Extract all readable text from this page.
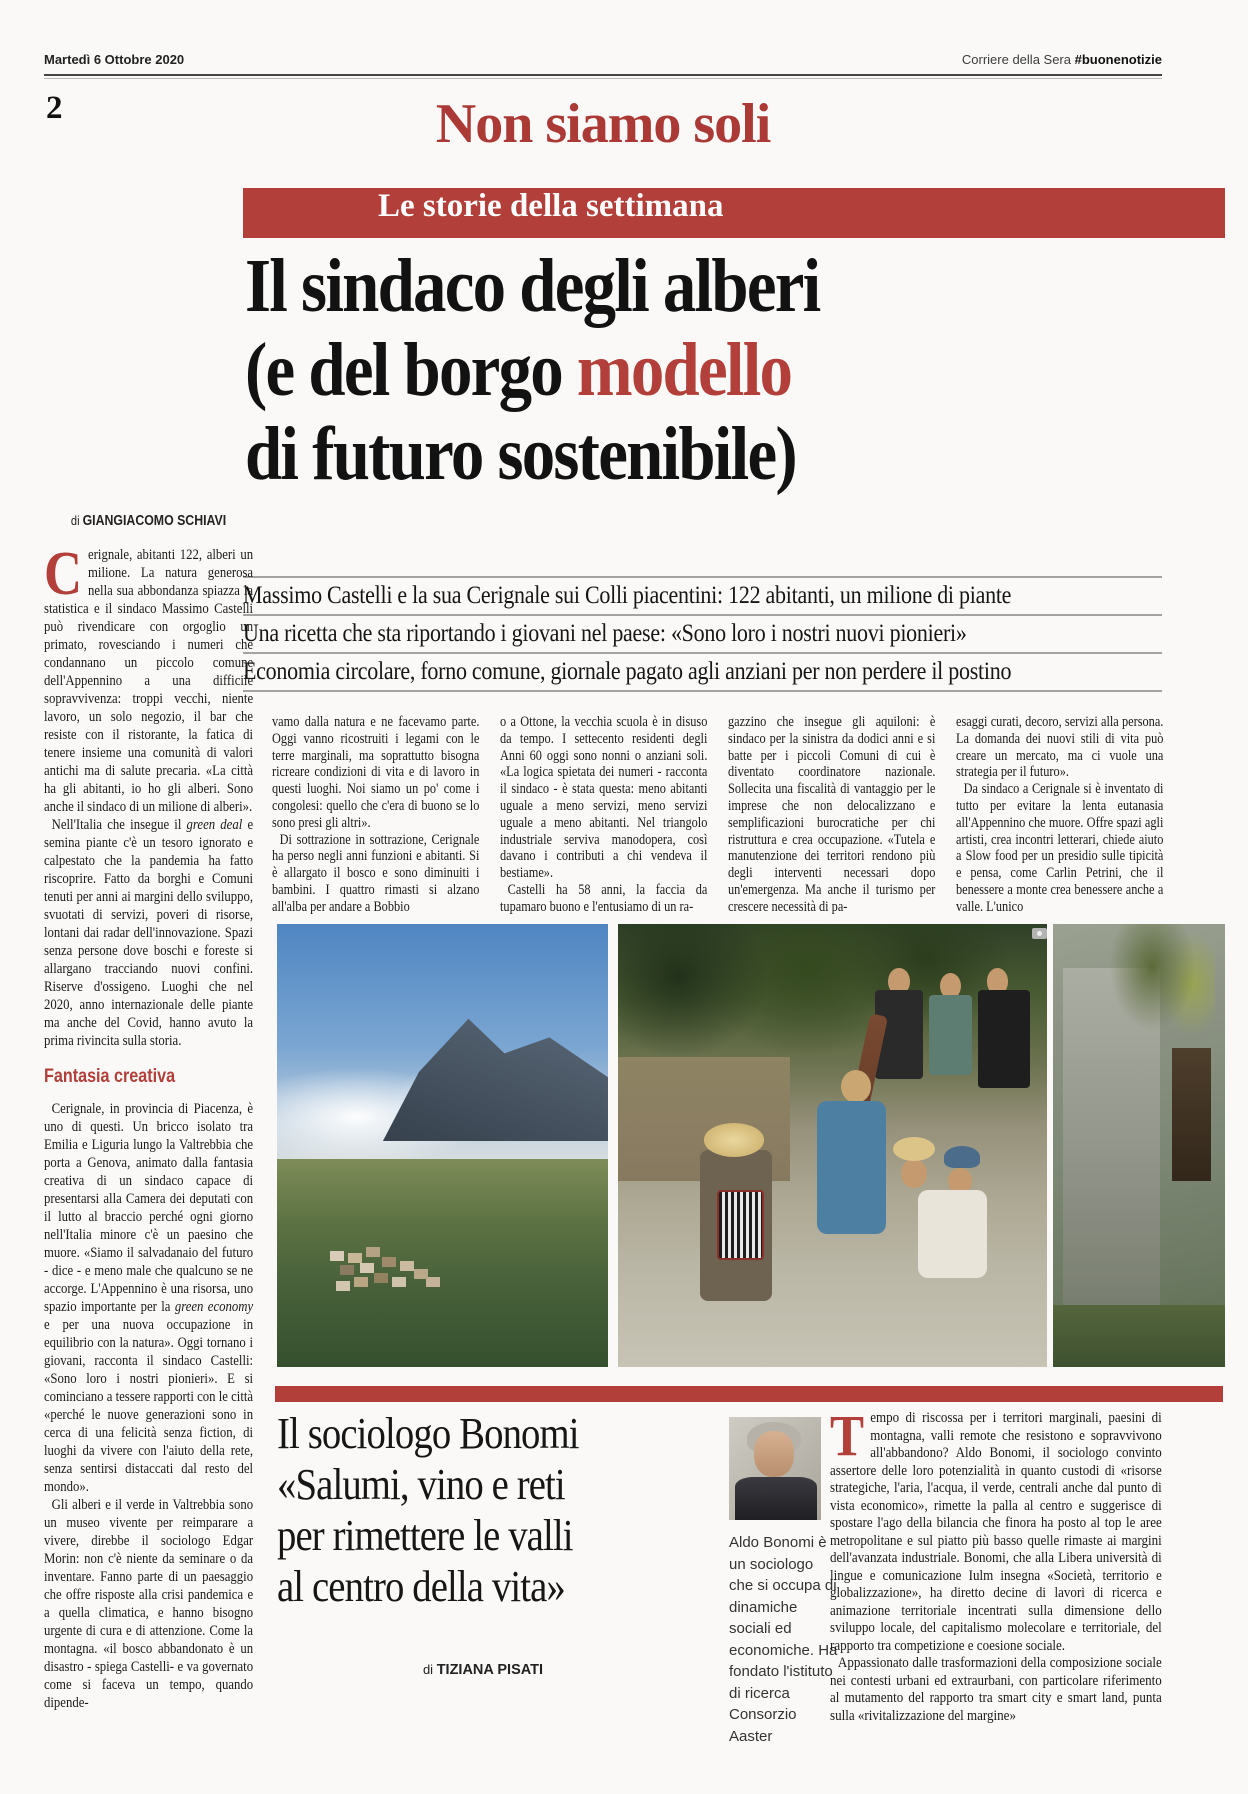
Martedì 6 Ottobre 2020	Corriere della Sera #buonenotizie
2	Non siamo soli
Le storie della settimana
Il sindaco degli alberi
(e del borgo modello
di futuro sostenibile)
Massimo Castelli e la sua Cerignale sui Colli piacentini: 122 abitanti, un milione di piante
Una ricetta che sta riportando i giovani nel paese: «Sono loro i nostri nuovi pionieri»
Economia circolare, forno comune, giornale pagato agli anziani per non perdere il postino
di GIANGIACOMO SCHIAVI

Cerignale, abitanti 122, alberi un milione. La natura generosa nella sua abbondanza spiazza la statistica e il sindaco Massimo Castelli può rivendicare con orgoglio un primato, rovesciando i numeri che condannano un piccolo comune dell'Appennino a una difficile sopravvivenza: troppi vecchi, niente lavoro, un solo negozio, il bar che resiste con il ristorante, la fatica di tenere insieme una comunità di valori antichi ma di salute precaria. «La città ha gli abitanti, io ho gli alberi. Sono anche il sindaco di un milione di alberi».

Nell'Italia che insegue il green deal e semina piante c'è un tesoro ignorato e calpestato che la pandemia ha fatto riscoprire. Fatto da borghi e Comuni tenuti per anni ai margini dello sviluppo, svuotati di servizi, poveri di risorse, lontani dai radar dell'innovazione. Spazi senza persone dove boschi e foreste si allargano tracciando nuovi confini. Riserve d'ossigeno. Luoghi che nel 2020, anno internazionale delle piante ma anche del Covid, hanno avuto la prima rivincita sulla storia.

Fantasia creativa

Cerignale, in provincia di Piacenza, è uno di questi. Un bricco isolato tra Emilia e Liguria lungo la Valtrebbia che porta a Genova, animato dalla fantasia creativa di un sindaco capace di presentarsi alla Camera dei deputati con il lutto al braccio perché ogni giorno nell'Italia minore c'è un paesino che muore. «Siamo il salvadanaio del futuro - dice - e meno male che qualcuno se ne accorge. L'Appennino è una risorsa, uno spazio importante per la green economy e per una nuova occupazione in equilibrio con la natura». Oggi tornano i giovani, racconta il sindaco Castelli: «Sono loro i nostri pionieri». E si cominciano a tessere rapporti con le città «perché le nuove generazioni sono in cerca di una felicità senza fiction, di luoghi da vivere con l'aiuto della rete, senza sentirsi distaccati dal resto del mondo».

Gli alberi e il verde in Valtrebbia sono un museo vivente per reimparare a vivere, direbbe il sociologo Edgar Morin: non c'è niente da seminare o da inventare. Fanno parte di un paesaggio che offre risposte alla crisi pandemica e a quella climatica, e hanno bisogno urgente di cura e di attenzione. Come la montagna. «il bosco abbandonato è un disastro - spiega Castelli- e va governato come si faceva un tempo, quando dipende-

vamo dalla natura e ne facevamo parte. Oggi vanno ricostruiti i legami con le terre marginali, ma soprattutto bisogna ricreare condizioni di vita e di lavoro in questi luoghi. Noi siamo un po' come i congolesi: quello che c'era di buono se lo sono presi gli altri».

Di sottrazione in sottrazione, Cerignale ha perso negli anni funzioni e abitanti. Si è allargato il bosco e sono diminuiti i bambini. I quattro rimasti si alzano all'alba per andare a Bobbio

o a Ottone, la vecchia scuola è in disuso da tempo. I settecento residenti degli Anni 60 oggi sono nonni o anziani soli. «La logica spietata dei numeri - racconta il sindaco - è stata questa: meno abitanti uguale a meno servizi, meno servizi uguale a meno abitanti. Nel triangolo industriale serviva manodopera, così davano i contributi a chi vendeva il bestiame».

Castelli ha 58 anni, la faccia da tupamaro buono e l'entusiamo di un ra-

gazzino che insegue gli aquiloni: è sindaco per la sinistra da dodici anni e si batte per i piccoli Comuni di cui è diventato coordinatore nazionale. Sollecita una fiscalità di vantaggio per le imprese che non delocalizzano e semplificazioni burocratiche per chi ristruttura e crea occupazione. «Tutela e manutenzione dei territori rendono più degli interventi necessari dopo un'emergenza. Ma anche il turismo per crescere necessità di pa-

esaggi curati, decoro, servizi alla persona. La domanda dei nuovi stili di vita può creare un mercato, ma ci vuole una strategia per il futuro».

Da sindaco a Cerignale si è inventato di tutto per evitare la lenta eutanasia all'Appennino che muore. Offre spazi agli artisti, crea incontri letterari, chiede aiuto a Slow food per un presidio sulle tipicità e pensa, come Carlin Petrini, che il benessere a monte crea benessere anche a valle. L'unico

Il sociologo Bonomi
«Salumi, vino e reti
per rimettere le valli
al centro della vita»
di TIZIANA PISATI
Aldo Bonomi è un sociologo che si occupa di dinamiche sociali ed economiche. Ha fondato l'istituto di ricerca Consorzio Aaster

Tempo di riscossa per i territori marginali, paesini di montagna, valli remote che resistono e sopravvivono all'abbandono? Aldo Bonomi, il sociologo convinto assertore delle loro potenzialità in quanto custodi di «risorse strategiche, l'aria, l'acqua, il verde, centrali anche dal punto di vista economico», rimette la palla al centro e suggerisce di spostare l'ago della bilancia che finora ha posto al top le aree metropolitane e sul piatto più basso quelle rimaste ai margini dell'avanzata industriale. Bonomi, che alla Libera università di lingue e comunicazione Iulm insegna «Società, territorio e globalizzazione», ha diretto decine di lavori di ricerca e animazione territoriale incentrati sulla dimensione dello sviluppo locale, del capitalismo molecolare e territoriale, del rapporto tra competizione e coesione sociale.

Appassionato dalle trasformazioni della composizione sociale nei contesti urbani ed extraurbani, con particolare riferimento al mutamento del rapporto tra smart city e smart land, punta sulla «rivitalizzazione del margine»
